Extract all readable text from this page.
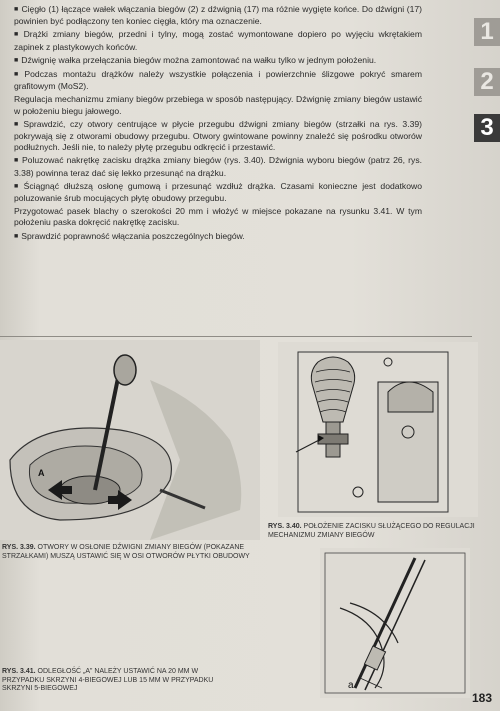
■ Cięgło (1) łączące wałek włączania biegów (2) z dźwignią (17) ma różnie wygięte końce. Do dźwigni (17) powinien być podłączony ten koniec cięgła, który ma oznaczenie.

■ Drążki zmiany biegów, przedni i tylny, mogą zostać wymontowane dopiero po wyjęciu wkrętakiem zapinek z plastykowych końców.

■ Dźwignię wałka przełączania biegów można zamontować na wałku tylko w jednym położeniu.

■ Podczas montażu drążków należy wszystkie połączenia i powierzchnie ślizgowe pokryć smarem grafitowym (MoS2).

Regulacja mechanizmu zmiany biegów przebiega w sposób następujący. Dźwignię zmiany biegów ustawić w położeniu biegu jałowego.

■ Sprawdzić, czy otwory centrujące w płycie przegubu dźwigni zmiany biegów (strzałki na rys. 3.39) pokrywają się z otworami obudowy przegubu. Otwory gwintowane powinny znaleźć się pośrodku otworów podłużnych. Jeśli nie, to należy płytę przegubu odkręcić i przestawić.

■ Poluzować nakrętkę zacisku drążka zmiany biegów (rys. 3.40). Dźwignia wyboru biegów (patrz 26, rys. 3.38) powinna teraz dać się lekko przesunąć na drążku.

■ Ściągnąć dłuższą osłonę gumową i przesunąć wzdłuż drążka. Czasami konieczne jest dodatkowo poluzowanie śrub mocujących płytę obudowy przegubu.

Przygotować pasek blachy o szerokości 20 mm i włożyć w miejsce pokazane na rysunku 3.41. W tym położeniu paska dokręcić nakrętkę zacisku.

■ Sprawdzić poprawność włączania poszczególnych biegów.

1
2
3
A
a
RYS. 3.39. OTWORY W OSŁONIE DŹWIGNI ZMIANY BIEGÓW (POKAZANE STRZAŁKAMI) MUSZĄ USTAWIĆ SIĘ W OSI OTWORÓW PŁYTKI OBUDOWY
RYS. 3.40. POŁOŻENIE ZACISKU SŁUŻĄCEGO DO REGULACJI MECHANIZMU ZMIANY BIEGÓW
RYS. 3.41. ODLEGŁOŚĆ „A” NALEŻY USTAWIĆ NA 20 MM W PRZYPADKU SKRZYNI 4-BIEGOWEJ LUB 15 MM W PRZYPADKU SKRZYNI 5-BIEGOWEJ
183
